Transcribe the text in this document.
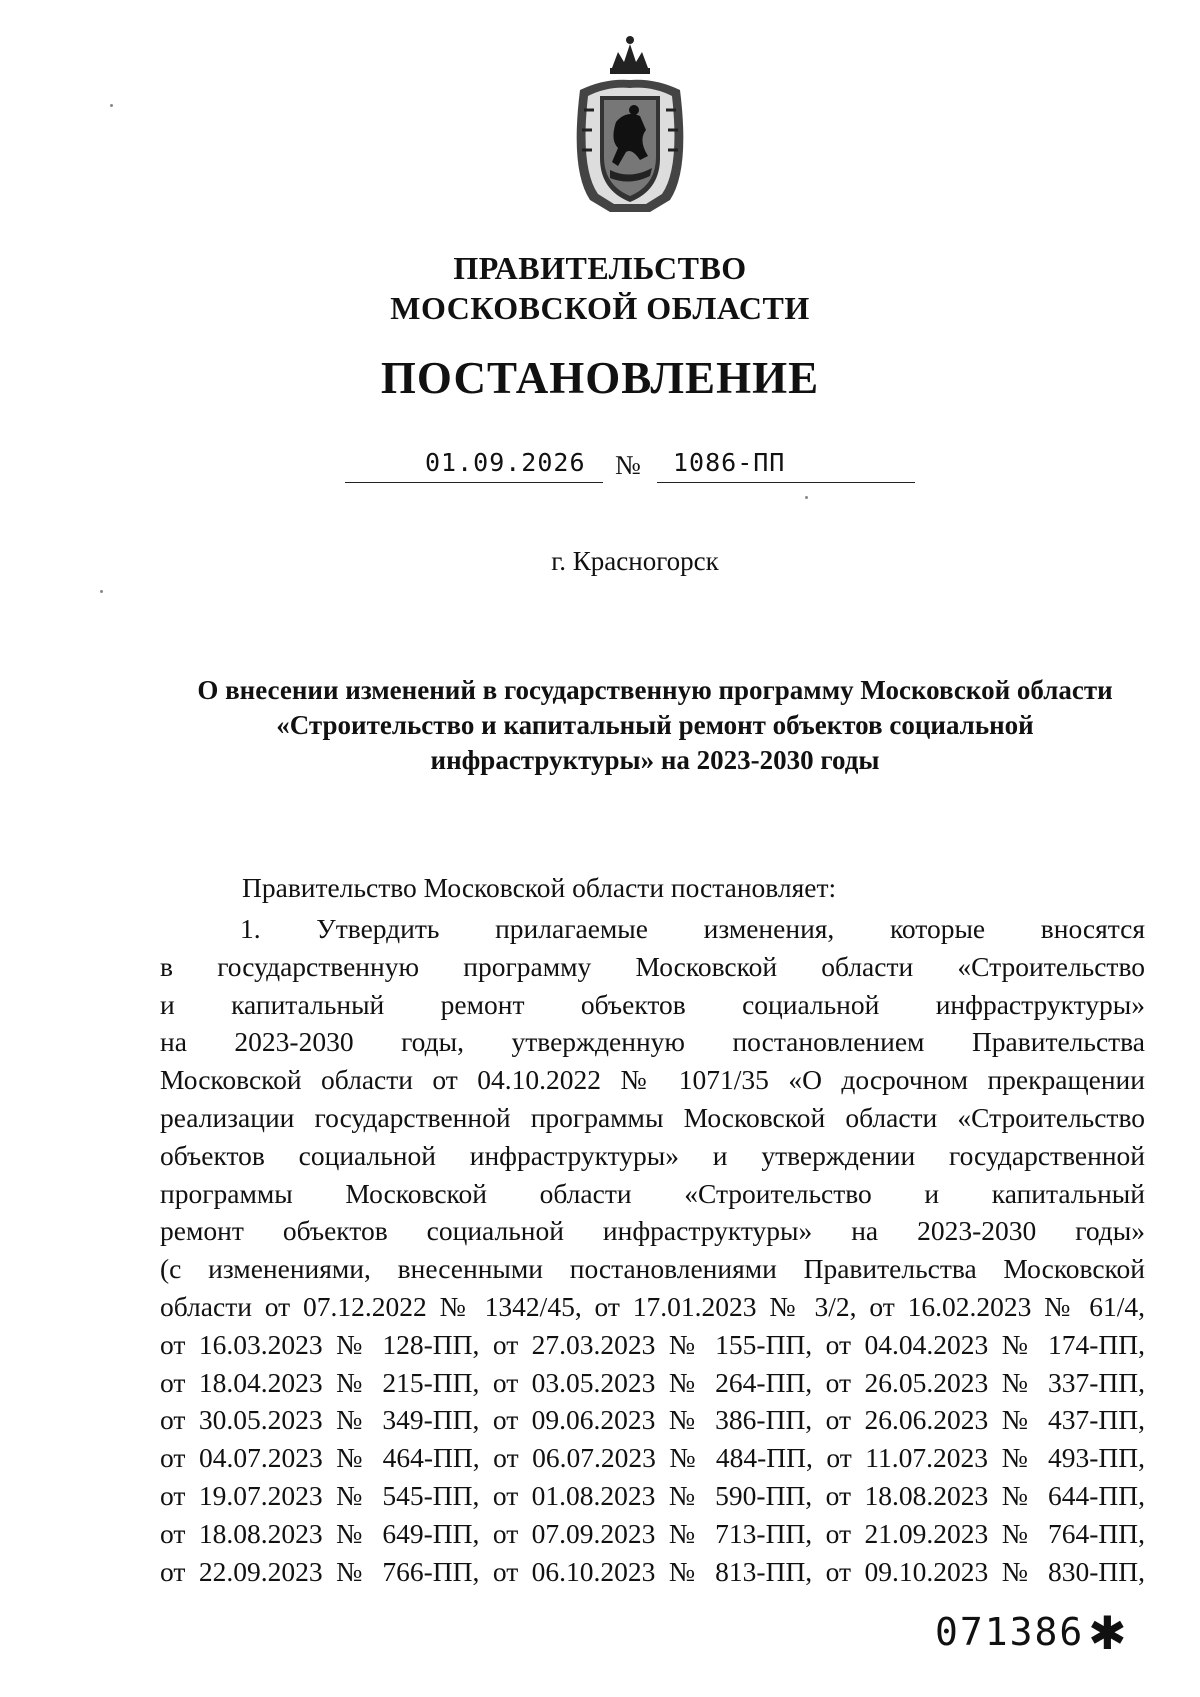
ПРАВИТЕЛЬСТВО
МОСКОВСКОЙ ОБЛАСТИ
ПОСТАНОВЛЕНИЕ
01.09.2026 № 1086-ПП
г. Красногорск
О внесении изменений в государственную программу Московской области
«Строительство и капитальный ремонт объектов социальной
инфраструктуры» на 2023-2030 годы
Правительство Московской области постановляет:
1. Утвердить прилагаемые изменения, которые вносятся
в государственную программу Московской области «Строительство
и капитальный ремонт объектов социальной инфраструктуры»
на 2023-2030 годы, утвержденную постановлением Правительства
Московской области от 04.10.2022 № 1071/35 «О досрочном прекращении
реализации государственной программы Московской области «Строительство
объектов социальной инфраструктуры» и утверждении государственной
программы Московской области «Строительство и капитальный
ремонт объектов социальной инфраструктуры» на 2023-2030 годы»
(с изменениями, внесенными постановлениями Правительства Московской
области от 07.12.2022 № 1342/45, от 17.01.2023 № 3/2, от 16.02.2023 № 61/4,
от 16.03.2023 № 128-ПП, от 27.03.2023 № 155-ПП, от 04.04.2023 № 174-ПП,
от 18.04.2023 № 215-ПП, от 03.05.2023 № 264-ПП, от 26.05.2023 № 337-ПП,
от 30.05.2023 № 349-ПП, от 09.06.2023 № 386-ПП, от 26.06.2023 № 437-ПП,
от 04.07.2023 № 464-ПП, от 06.07.2023 № 484-ПП, от 11.07.2023 № 493-ПП,
от 19.07.2023 № 545-ПП, от 01.08.2023 № 590-ПП, от 18.08.2023 № 644-ПП,
от 18.08.2023 № 649-ПП, от 07.09.2023 № 713-ПП, от 21.09.2023 № 764-ПП,
от 22.09.2023 № 766-ПП, от 06.10.2023 № 813-ПП, от 09.10.2023 № 830-ПП,
071386 ✱
